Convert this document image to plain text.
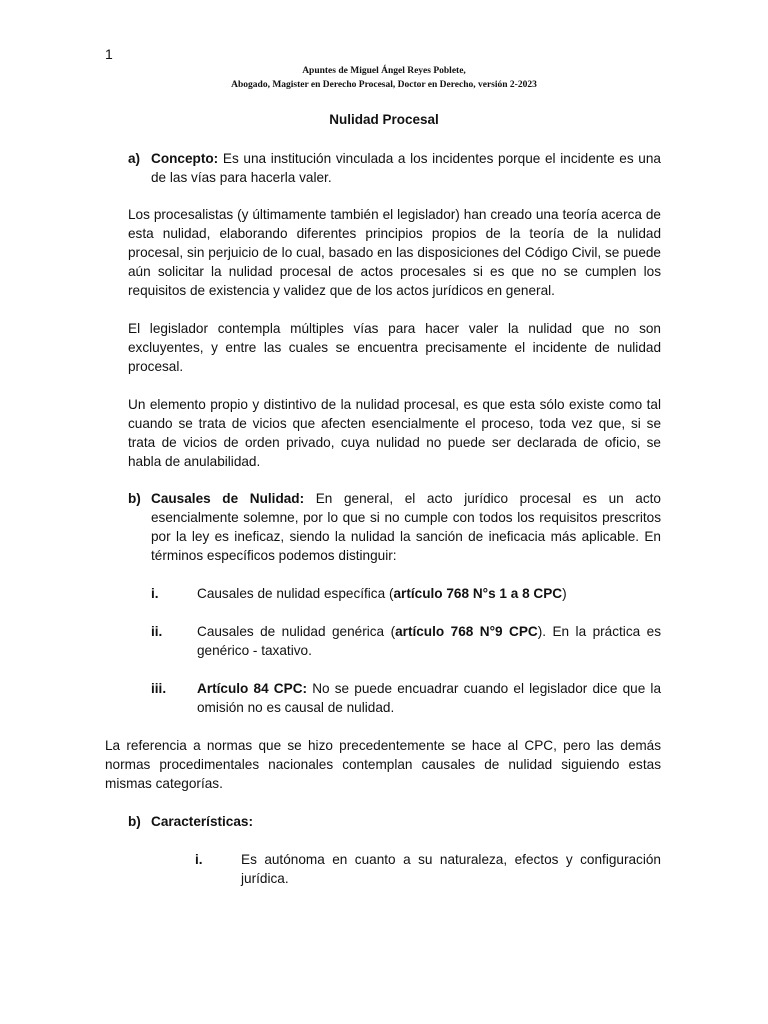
1
Apuntes de Miguel Ángel Reyes Poblete,
Abogado, Magister en Derecho Procesal, Doctor en Derecho, versión 2-2023
Nulidad Procesal
a) Concepto: Es una institución vinculada a los incidentes porque el incidente es una de las vías para hacerla valer.
Los procesalistas (y últimamente también el legislador) han creado una teoría acerca de esta nulidad, elaborando diferentes principios propios de la teoría de la nulidad procesal, sin perjuicio de lo cual, basado en las disposiciones del Código Civil, se puede aún solicitar la nulidad procesal de actos procesales si es que no se cumplen los requisitos de existencia y validez que de los actos jurídicos en general.
El legislador contempla múltiples vías para hacer valer la nulidad que no son excluyentes, y entre las cuales se encuentra precisamente el incidente de nulidad procesal.
Un elemento propio y distintivo de la nulidad procesal, es que esta sólo existe como tal cuando se trata de vicios que afecten esencialmente el proceso, toda vez que, si se trata de vicios de orden privado, cuya nulidad no puede ser declarada de oficio, se habla de anulabilidad.
b) Causales de Nulidad: En general, el acto jurídico procesal es un acto esencialmente solemne, por lo que si no cumple con todos los requisitos prescritos por la ley es ineficaz, siendo la nulidad la sanción de ineficacia más aplicable. En términos específicos podemos distinguir:
i.	Causales de nulidad específica (artículo 768 N°s 1 a 8 CPC)
ii.	Causales de nulidad genérica (artículo 768 N°9 CPC). En la práctica es genérico - taxativo.
iii. Artículo 84 CPC: No se puede encuadrar cuando el legislador dice que la omisión no es causal de nulidad.
La referencia a normas que se hizo precedentemente se hace al CPC, pero las demás normas procedimentales nacionales contemplan causales de nulidad siguiendo estas mismas categorías.
b) Características:
i.	Es autónoma en cuanto a su naturaleza, efectos y configuración jurídica.
